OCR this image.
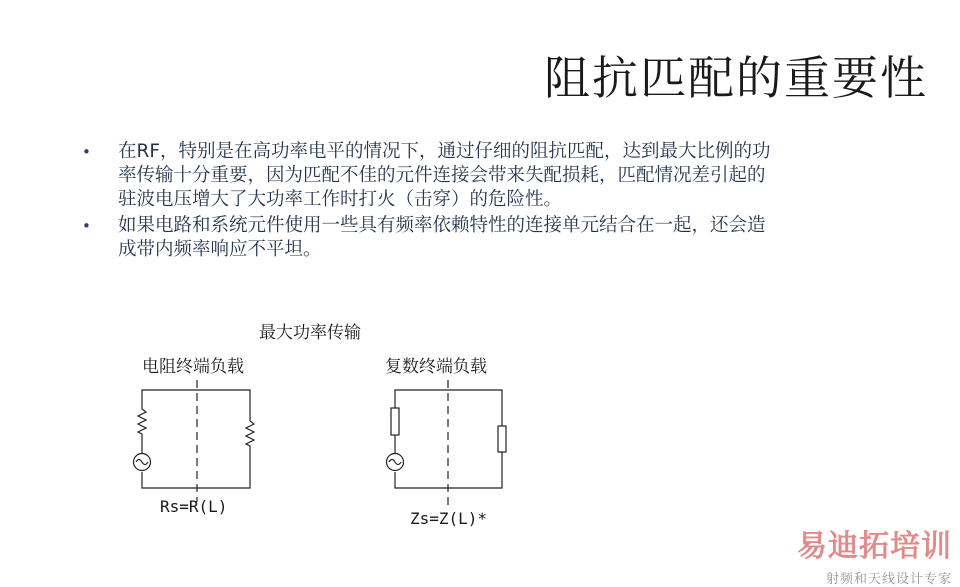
阻抗匹配的重要性
• 在RF，特别是在高功率电平的情况下，通过仔细的阻抗匹配，达到最大比例的功
率传输十分重要，因为匹配不佳的元件连接会带来失配损耗，匹配情况差引起的
驻波电压增大了大功率工作时打火（击穿）的危险性。
• 如果电路和系统元件使用一些具有频率依赖特性的连接单元结合在一起，还会造
成带内频率响应不平坦。
最大功率传输
电阻终端负载	复数终端负载
Rs=R(L)
Zs=Z(L)*
易迪拓培训
射频和天线设计专家
